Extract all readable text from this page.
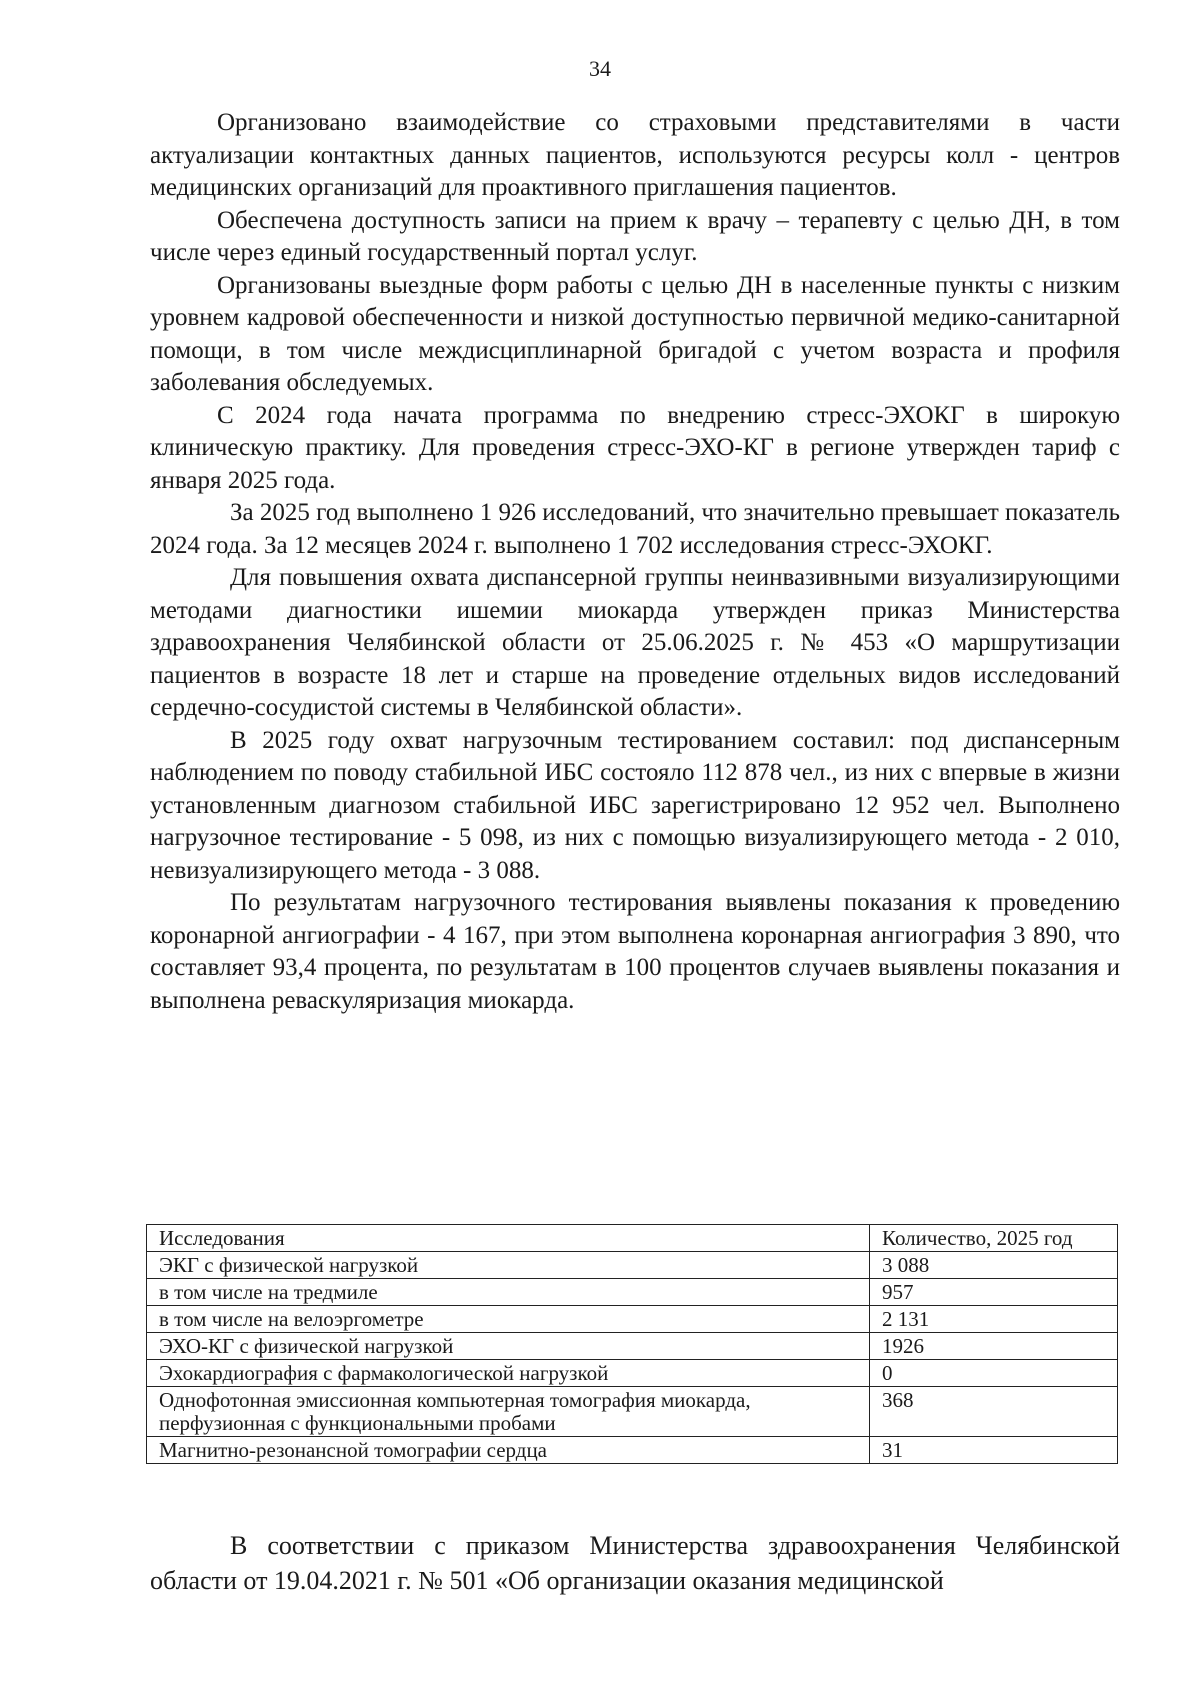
34

Организовано взаимодействие со страховыми представителями в части актуализации контактных данных пациентов, используются ресурсы колл - центров медицинских организаций для проактивного приглашения пациентов.

Обеспечена доступность записи на прием к врачу – терапевту с целью ДН, в том числе через единый государственный портал услуг.

Организованы выездные форм работы с целью ДН в населенные пункты с низким уровнем кадровой обеспеченности и низкой доступностью первичной медико-санитарной помощи, в том числе междисциплинарной бригадой с учетом возраста и профиля заболевания обследуемых.

С 2024 года начата программа по внедрению стресс-ЭХОКГ в широкую клиническую практику. Для проведения стресс-ЭХО-КГ в регионе утвержден тариф с января 2025 года.

За 2025 год выполнено 1 926 исследований, что значительно превышает показатель 2024 года. За 12 месяцев 2024 г. выполнено 1 702 исследования стресс-ЭХОКГ.

Для повышения охвата диспансерной группы неинвазивными визуализирующими методами диагностики ишемии миокарда утвержден приказ Министерства здравоохранения Челябинской области от 25.06.2025 г. № 453 «О маршрутизации пациентов в возрасте 18 лет и старше на проведение отдельных видов исследований сердечно-сосудистой системы в Челябинской области».

В 2025 году охват нагрузочным тестированием составил: под диспансерным наблюдением по поводу стабильной ИБС состояло 112 878 чел., из них с впервые в жизни установленным диагнозом стабильной ИБС зарегистрировано 12 952 чел. Выполнено нагрузочное тестирование - 5 098, из них с помощью визуализирующего метода - 2 010, невизуализирующего метода - 3 088.

По результатам нагрузочного тестирования выявлены показания к проведению коронарной ангиографии - 4 167, при этом выполнена коронарная ангиография 3 890, что составляет 93,4 процента, по результатам в 100 процентов случаев выявлены показания и выполнена реваскуляризация миокарда.

Исследования	Количество, 2025 год
ЭКГ с физической нагрузкой	3 088
в том числе на тредмиле	957
в том числе на велоэргометре	2 131
ЭХО-КГ с физической нагрузкой	1926
Эхокардиография с фармакологической нагрузкой	0
Однофотонная эмиссионная компьютерная томография миокарда, перфузионная с функциональными пробами	368
Магнитно-резонансной томографии сердца	31

В соответствии с приказом Министерства здравоохранения Челябинской области от 19.04.2021 г. № 501 «Об организации оказания медицинской
